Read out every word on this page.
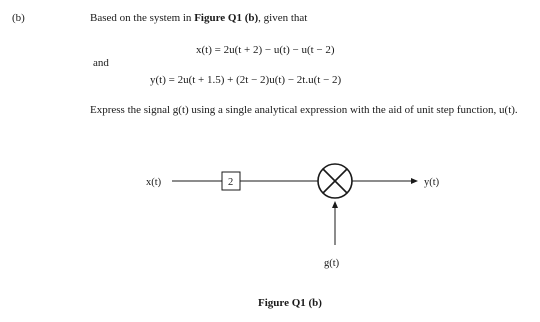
(b)	Based on the system in Figure Q1 (b), given that
x(t) = 2u(t + 2) − u(t) − u(t − 2)
and
y(t) = 2u(t + 1.5) + (2t − 2)u(t) − 2t.u(t − 2)
Express the signal g(t) using a single analytical expression with the aid of unit step function, u(t).
x(t)	2	y(t)
g(t)
Figure Q1 (b)
